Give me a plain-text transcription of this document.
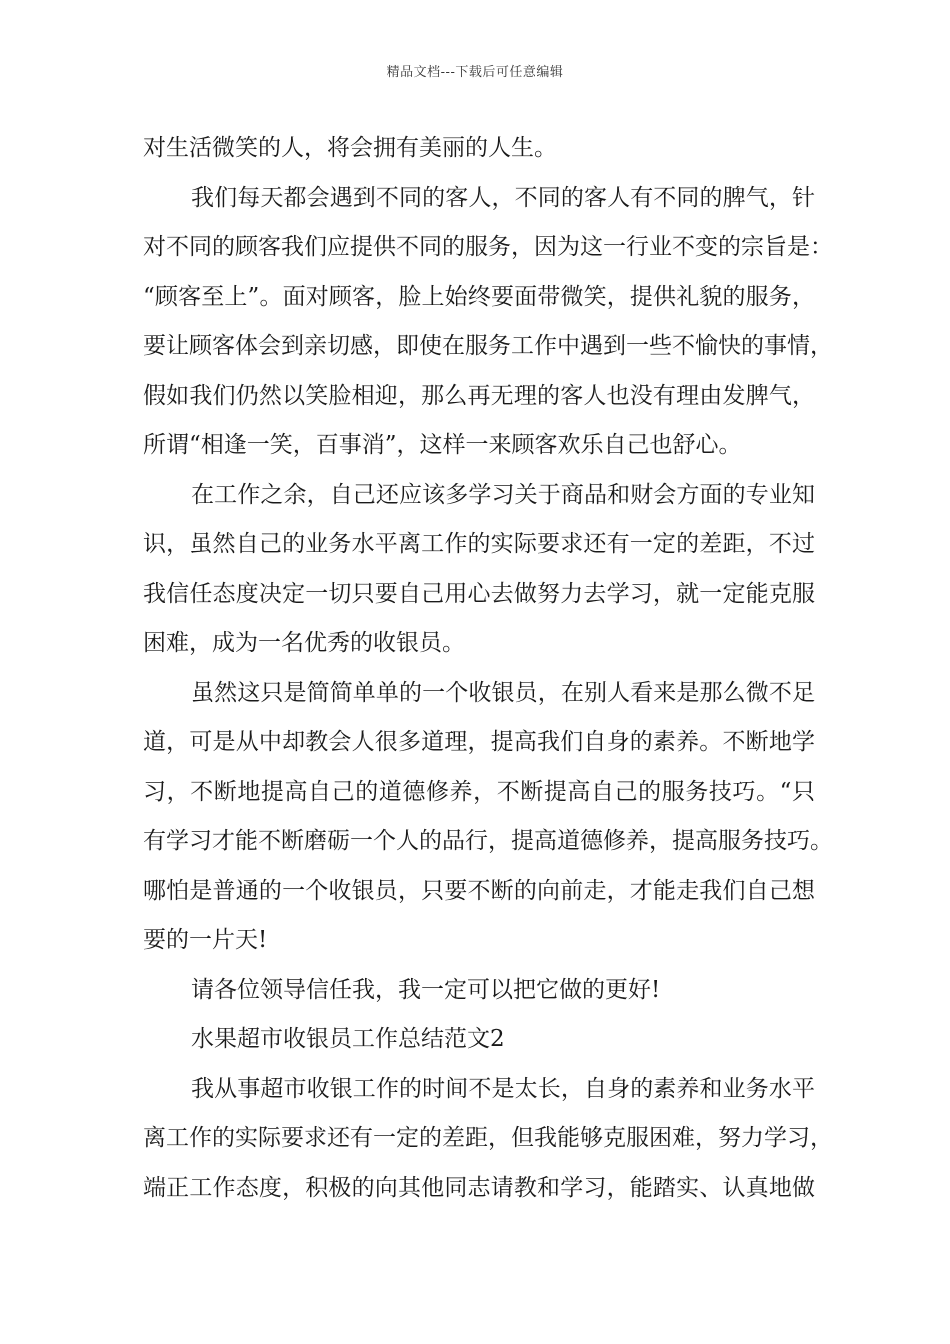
精品文档---下载后可任意编辑
对生活微笑的人，将会拥有美丽的人生。
我们每天都会遇到不同的客人，不同的客人有不同的脾气，针
对不同的顾客我们应提供不同的服务，因为这一行业不变的宗旨是：
“顾客至上”。面对顾客，脸上始终要面带微笑，提供礼貌的服务，
要让顾客体会到亲切感，即使在服务工作中遇到一些不愉快的事情，
假如我们仍然以笑脸相迎，那么再无理的客人也没有理由发脾气，
所谓“相逢一笑，百事消”，这样一来顾客欢乐自己也舒心。
在工作之余，自己还应该多学习关于商品和财会方面的专业知
识，虽然自己的业务水平离工作的实际要求还有一定的差距，不过
我信任态度决定一切只要自己用心去做努力去学习，就一定能克服
困难，成为一名优秀的收银员。
虽然这只是简简单单的一个收银员，在别人看来是那么微不足
道，可是从中却教会人很多道理，提高我们自身的素养。不断地学
习，不断地提高自己的道德修养，不断提高自己的服务技巧。“只
有学习才能不断磨砺一个人的品行，提高道德修养，提高服务技巧。
哪怕是普通的一个收银员，只要不断的向前走，才能走我们自己想
要的一片天!
请各位领导信任我，我一定可以把它做的更好!
水果超市收银员工作总结范文2
我从事超市收银工作的时间不是太长，自身的素养和业务水平
离工作的实际要求还有一定的差距，但我能够克服困难，努力学习，
端正工作态度，积极的向其他同志请教和学习，能踏实、认真地做
